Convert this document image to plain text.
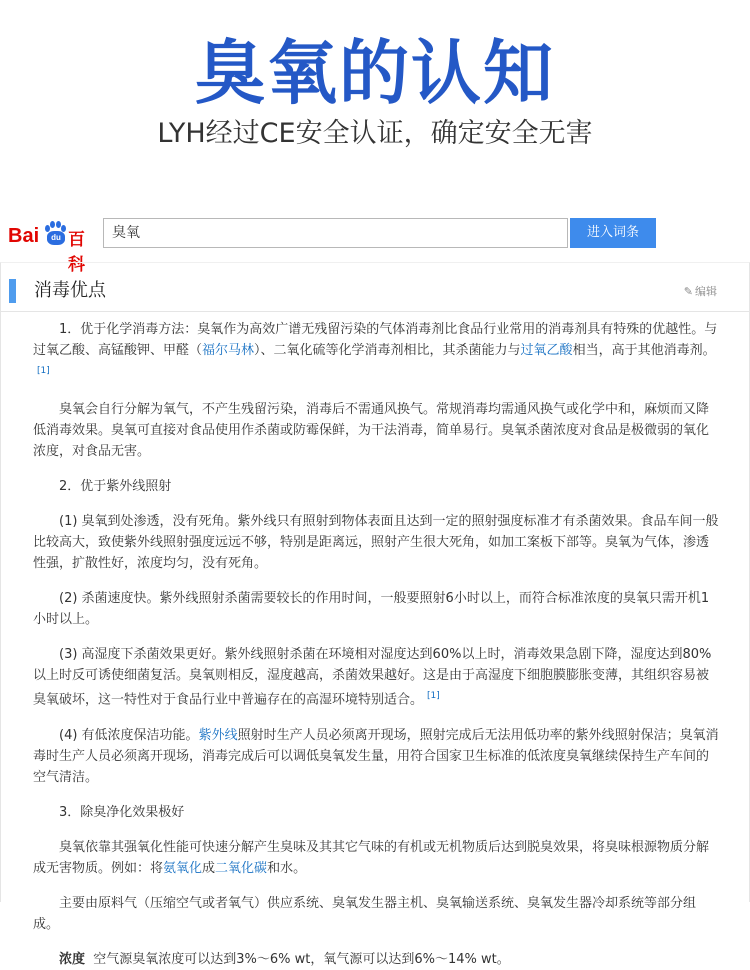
臭氧的认知
LYH经过CE安全认证，确定安全无害
Bai	du 百科
臭氧	进入词条
消毒优点	✎ 编辑

1．优于化学消毒方法：臭氧作为高效广谱无残留污染的气体消毒剂比食品行业常用的消毒剂具有特殊的优越性。与过氧乙酸、高锰酸钾、甲醛（福尔马林）、二氧化硫等化学消毒剂相比，其杀菌能力与过氧乙酸相当，高于其他消毒剂。[1]

臭氧会自行分解为氧气，不产生残留污染，消毒后不需通风换气。常规消毒均需通风换气或化学中和，麻烦而又降低消毒效果。臭氧可直接对食品使用作杀菌或防霉保鲜，为干法消毒，简单易行。臭氧杀菌浓度对食品是极微弱的氧化浓度，对食品无害。

2．优于紫外线照射

(1) 臭氧到处渗透，没有死角。紫外线只有照射到物体表面且达到一定的照射强度标准才有杀菌效果。食品车间一般比较高大，致使紫外线照射强度远远不够，特别是距离远，照射产生很大死角，如加工案板下部等。臭氧为气体，渗透性强，扩散性好，浓度均匀，没有死角。

(2) 杀菌速度快。紫外线照射杀菌需要较长的作用时间，一般要照射6小时以上，而符合标准浓度的臭氧只需开机1小时以上。

(3) 高湿度下杀菌效果更好。紫外线照射杀菌在环境相对湿度达到60%以上时，消毒效果急剧下降，湿度达到80%以上时反可诱使细菌复活。臭氧则相反，湿度越高，杀菌效果越好。这是由于高湿度下细胞膜膨胀变薄，其组织容易被臭氧破坏，这一特性对于食品行业中普遍存在的高湿环境特别适合。 [1]

(4) 有低浓度保洁功能。紫外线照射时生产人员必须离开现场，照射完成后无法用低功率的紫外线照射保洁；臭氧消毒时生产人员必须离开现场，消毒完成后可以调低臭氧发生量，用符合国家卫生标准的低浓度臭氧继续保持生产车间的空气清洁。

3．除臭净化效果极好

臭氧依靠其强氧化性能可快速分解产生臭味及其其它气味的有机或无机物质后达到脱臭效果，将臭味根源物质分解成无害物质。例如：将氨氧化成二氧化碳和水。

主要由原料气（压缩空气或者氧气）供应系统、臭氧发生器主机、臭氧输送系统、臭氧发生器冷却系统等部分组成。

浓度 空气源臭氧浓度可以达到3%～6% wt，氧气源可以达到6%～14% wt。
